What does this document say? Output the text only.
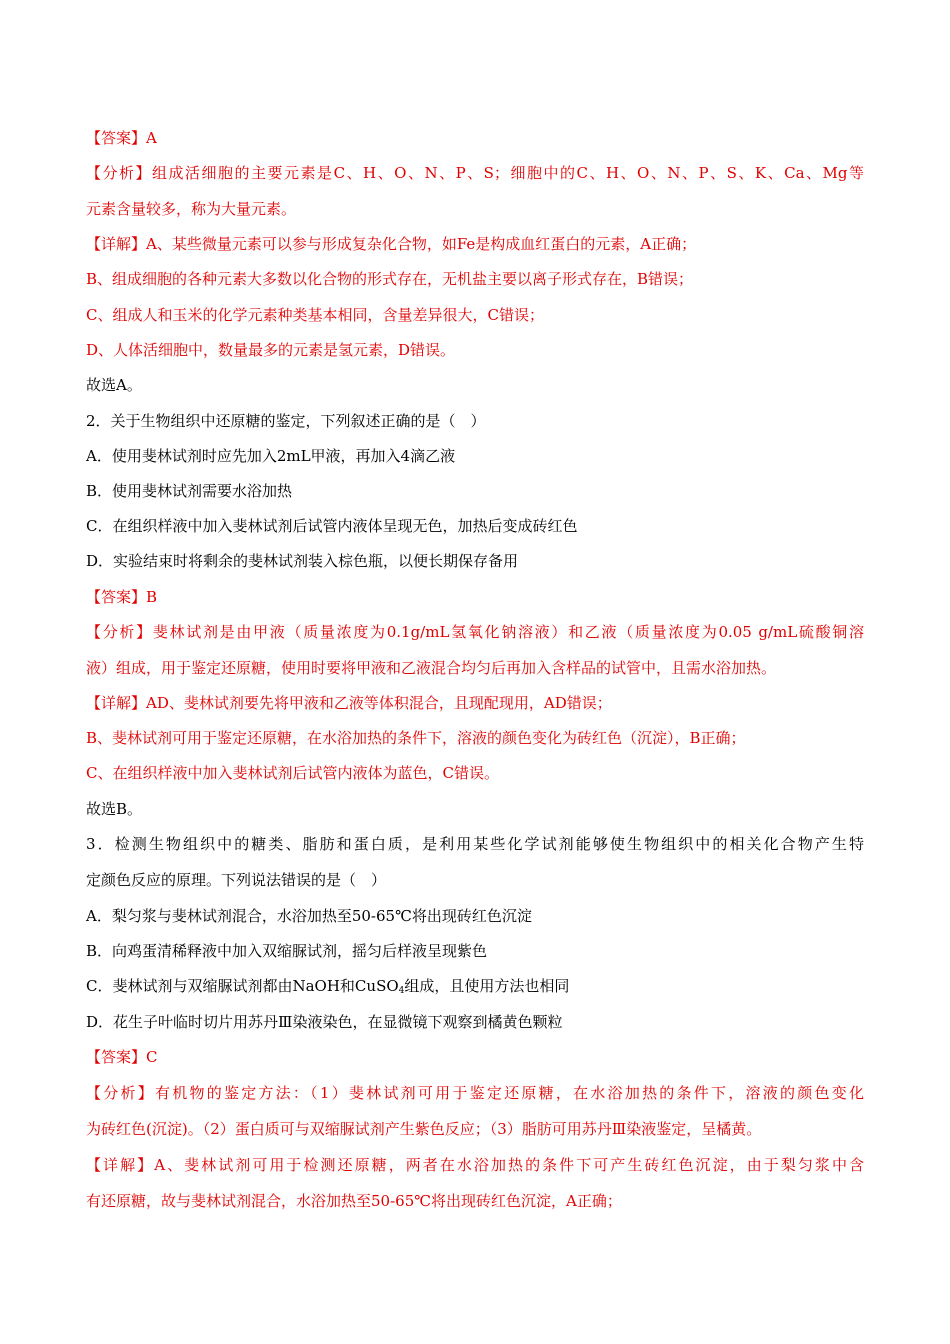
【答案】A

【分析】组成活细胞的主要元素是C、H、O、N、P、S；细胞中的C、H、O、N、P、S、K、Ca、Mg等

元素含量较多，称为大量元素。

【详解】A、某些微量元素可以参与形成复杂化合物，如Fe是构成血红蛋白的元素，A正确；

B、组成细胞的各种元素大多数以化合物的形式存在，无机盐主要以离子形式存在，B错误；

C、组成人和玉米的化学元素种类基本相同，含量差异很大，C错误；

D、人体活细胞中，数量最多的元素是氢元素，D错误。

故选A。

2．关于生物组织中还原糖的鉴定，下列叙述正确的是（　）

A．使用斐林试剂时应先加入2mL甲液，再加入4滴乙液

B．使用斐林试剂需要水浴加热

C．在组织样液中加入斐林试剂后试管内液体呈现无色，加热后变成砖红色

D．实验结束时将剩余的斐林试剂装入棕色瓶，以便长期保存备用

【答案】B

【分析】斐林试剂是由甲液（质量浓度为0.1g/mL氢氧化钠溶液）和乙液（质量浓度为0.05 g/mL硫酸铜溶

液）组成，用于鉴定还原糖，使用时要将甲液和乙液混合均匀后再加入含样品的试管中，且需水浴加热。

【详解】AD、斐林试剂要先将甲液和乙液等体积混合，且现配现用，AD错误；

B、斐林试剂可用于鉴定还原糖，在水浴加热的条件下，溶液的颜色变化为砖红色（沉淀），B正确；

C、在组织样液中加入斐林试剂后试管内液体为蓝色，C错误。

故选B。

3．检测生物组织中的糖类、脂肪和蛋白质，是利用某些化学试剂能够使生物组织中的相关化合物产生特

定颜色反应的原理。下列说法错误的是（　）

A．梨匀浆与斐林试剂混合，水浴加热至50-65℃将出现砖红色沉淀

B．向鸡蛋清稀释液中加入双缩脲试剂，摇匀后样液呈现紫色

C．斐林试剂与双缩脲试剂都由NaOH和CuSO$_4$组成，且使用方法也相同

D．花生子叶临时切片用苏丹Ⅲ染液染色，在显微镜下观察到橘黄色颗粒

【答案】C

【分析】有机物的鉴定方法：（1）斐林试剂可用于鉴定还原糖，在水浴加热的条件下，溶液的颜色变化

为砖红色(沉淀)。（2）蛋白质可与双缩脲试剂产生紫色反应；（3）脂肪可用苏丹Ⅲ染液鉴定，呈橘黄。

【详解】A、斐林试剂可用于检测还原糖，两者在水浴加热的条件下可产生砖红色沉淀，由于梨匀浆中含

有还原糖，故与斐林试剂混合，水浴加热至50-65℃将出现砖红色沉淀，A正确；
